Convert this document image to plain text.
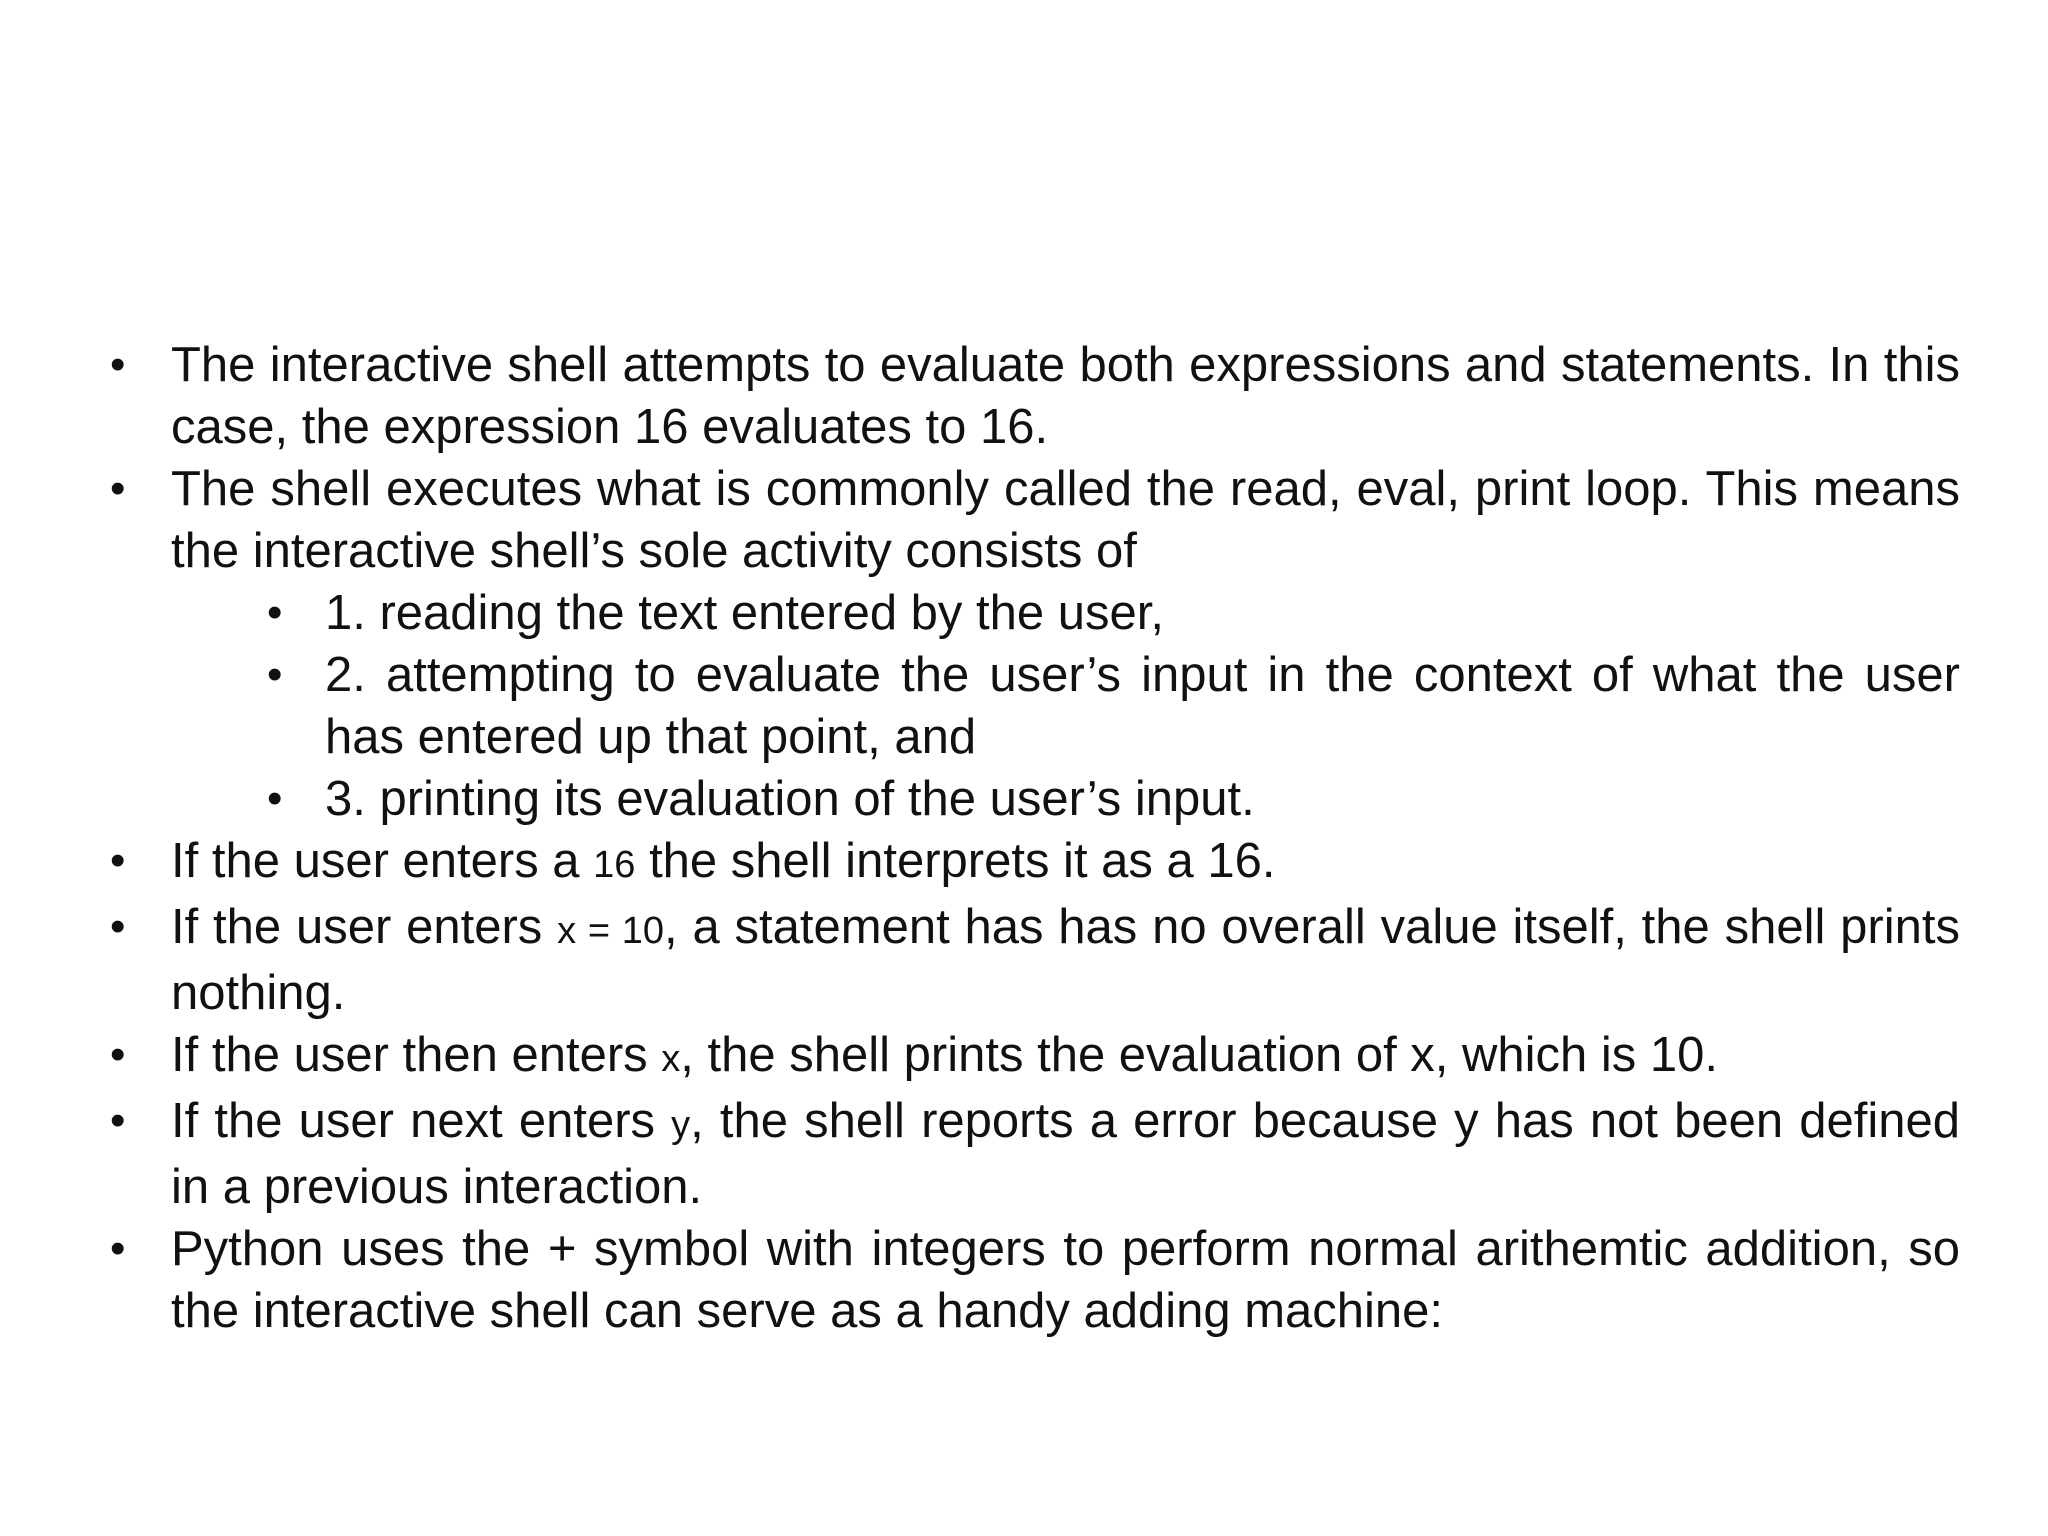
• The interactive shell attempts to evaluate both expressions and statements. In this case, the expression 16 evaluates to 16.
• The shell executes what is commonly called the read, eval, print loop. This means the interactive shell’s sole activity consists of
• 1. reading the text entered by the user,
• 2. attempting to evaluate the user’s input in the context of what the user has entered up that point, and
• 3. printing its evaluation of the user’s input.
• If the user enters a 16 the shell interprets it as a 16.
• If the user enters x = 10, a statement has has no overall value itself, the shell prints nothing.
• If the user then enters x, the shell prints the evaluation of x, which is 10.
• If the user next enters y, the shell reports a error because y has not been defined in a previous interaction.
• Python uses the + symbol with integers to perform normal arithemtic addition, so the interactive shell can serve as a handy adding machine:
